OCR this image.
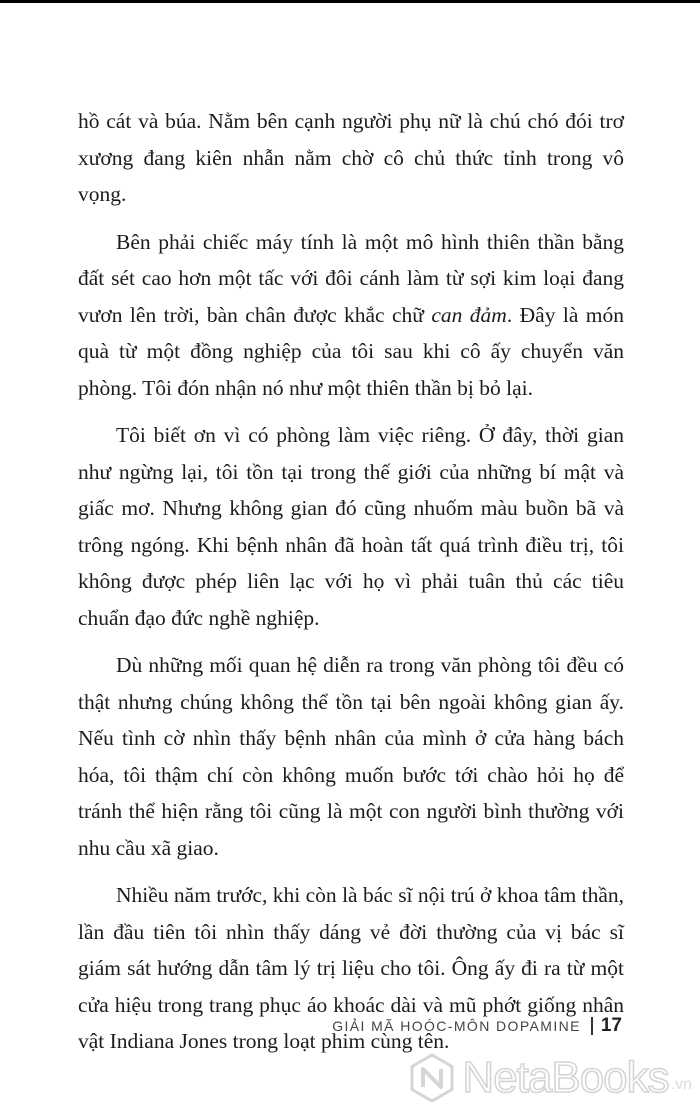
hồ cát và búa. Nằm bên cạnh người phụ nữ là chú chó đói trơ xương đang kiên nhẫn nằm chờ cô chủ thức tỉnh trong vô vọng.

Bên phải chiếc máy tính là một mô hình thiên thần bằng đất sét cao hơn một tấc với đôi cánh làm từ sợi kim loại đang vươn lên trời, bàn chân được khắc chữ can đảm. Đây là món quà từ một đồng nghiệp của tôi sau khi cô ấy chuyển văn phòng. Tôi đón nhận nó như một thiên thần bị bỏ lại.

Tôi biết ơn vì có phòng làm việc riêng. Ở đây, thời gian như ngừng lại, tôi tồn tại trong thế giới của những bí mật và giấc mơ. Nhưng không gian đó cũng nhuốm màu buồn bã và trông ngóng. Khi bệnh nhân đã hoàn tất quá trình điều trị, tôi không được phép liên lạc với họ vì phải tuân thủ các tiêu chuẩn đạo đức nghề nghiệp.

Dù những mối quan hệ diễn ra trong văn phòng tôi đều có thật nhưng chúng không thể tồn tại bên ngoài không gian ấy. Nếu tình cờ nhìn thấy bệnh nhân của mình ở cửa hàng bách hóa, tôi thậm chí còn không muốn bước tới chào hỏi họ để tránh thể hiện rằng tôi cũng là một con người bình thường với nhu cầu xã giao.

Nhiều năm trước, khi còn là bác sĩ nội trú ở khoa tâm thần, lần đầu tiên tôi nhìn thấy dáng vẻ đời thường của vị bác sĩ giám sát hướng dẫn tâm lý trị liệu cho tôi. Ông ấy đi ra từ một cửa hiệu trong trang phục áo khoác dài và mũ phớt giống nhân vật Indiana Jones trong loạt phim cùng tên.

GIẢI MÃ HOÓC-MÔN DOPAMINE 17
NetaBooks .vn
